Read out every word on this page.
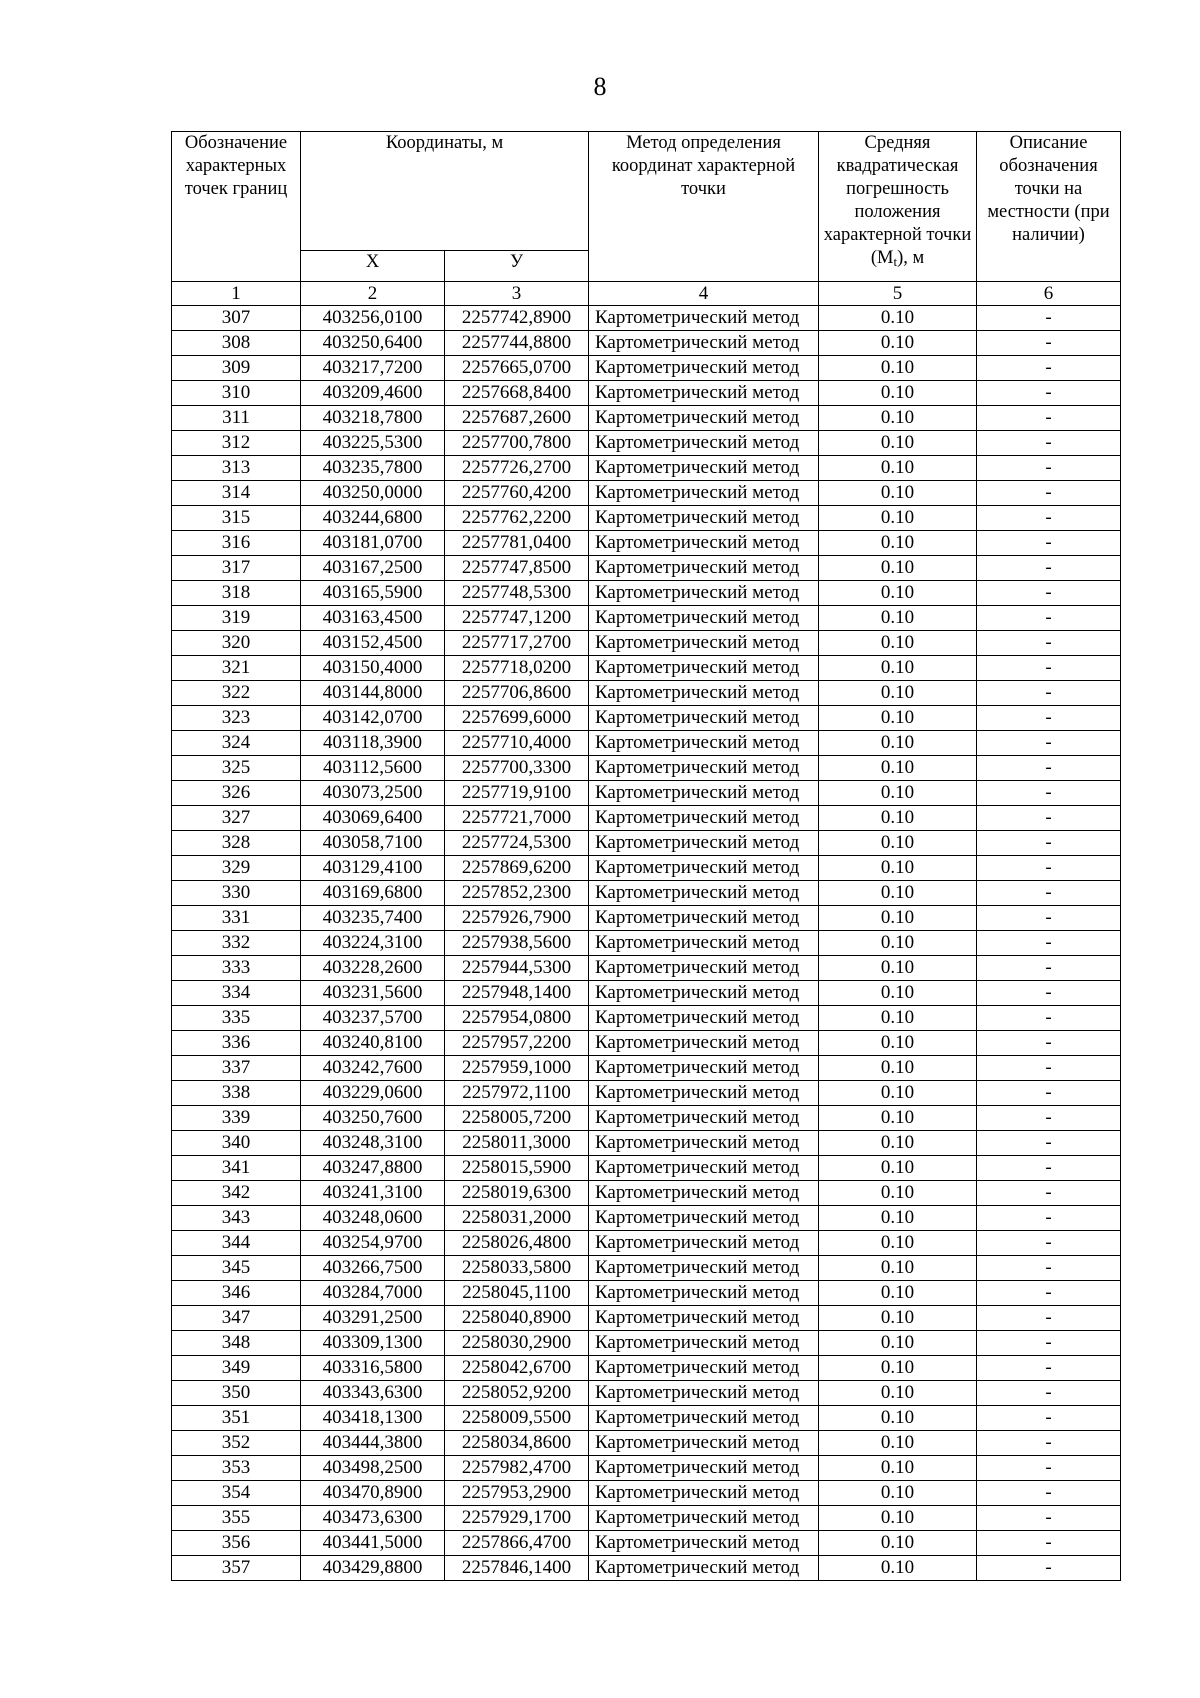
8
Обозначение характерных точек границ	Координаты, м		Метод определения координат характерной точки	Средняя квадратическая погрешность положения характерной точки $(M_t)$, м	Описание обозначения точки на местности (при наличии)
	Х	У			
1	2	3	4	5	6
307	403256,0100	2257742,8900	Картометрический метод	0.10	-
308	403250,6400	2257744,8800	Картометрический метод	0.10	-
309	403217,7200	2257665,0700	Картометрический метод	0.10	-
310	403209,4600	2257668,8400	Картометрический метод	0.10	-
311	403218,7800	2257687,2600	Картометрический метод	0.10	-
312	403225,5300	2257700,7800	Картометрический метод	0.10	-
313	403235,7800	2257726,2700	Картометрический метод	0.10	-
314	403250,0000	2257760,4200	Картометрический метод	0.10	-
315	403244,6800	2257762,2200	Картометрический метод	0.10	-
316	403181,0700	2257781,0400	Картометрический метод	0.10	-
317	403167,2500	2257747,8500	Картометрический метод	0.10	-
318	403165,5900	2257748,5300	Картометрический метод	0.10	-
319	403163,4500	2257747,1200	Картометрический метод	0.10	-
320	403152,4500	2257717,2700	Картометрический метод	0.10	-
321	403150,4000	2257718,0200	Картометрический метод	0.10	-
322	403144,8000	2257706,8600	Картометрический метод	0.10	-
323	403142,0700	2257699,6000	Картометрический метод	0.10	-
324	403118,3900	2257710,4000	Картометрический метод	0.10	-
325	403112,5600	2257700,3300	Картометрический метод	0.10	-
326	403073,2500	2257719,9100	Картометрический метод	0.10	-
327	403069,6400	2257721,7000	Картометрический метод	0.10	-
328	403058,7100	2257724,5300	Картометрический метод	0.10	-
329	403129,4100	2257869,6200	Картометрический метод	0.10	-
330	403169,6800	2257852,2300	Картометрический метод	0.10	-
331	403235,7400	2257926,7900	Картометрический метод	0.10	-
332	403224,3100	2257938,5600	Картометрический метод	0.10	-
333	403228,2600	2257944,5300	Картометрический метод	0.10	-
334	403231,5600	2257948,1400	Картометрический метод	0.10	-
335	403237,5700	2257954,0800	Картометрический метод	0.10	-
336	403240,8100	2257957,2200	Картометрический метод	0.10	-
337	403242,7600	2257959,1000	Картометрический метод	0.10	-
338	403229,0600	2257972,1100	Картометрический метод	0.10	-
339	403250,7600	2258005,7200	Картометрический метод	0.10	-
340	403248,3100	2258011,3000	Картометрический метод	0.10	-
341	403247,8800	2258015,5900	Картометрический метод	0.10	-
342	403241,3100	2258019,6300	Картометрический метод	0.10	-
343	403248,0600	2258031,2000	Картометрический метод	0.10	-
344	403254,9700	2258026,4800	Картометрический метод	0.10	-
345	403266,7500	2258033,5800	Картометрический метод	0.10	-
346	403284,7000	2258045,1100	Картометрический метод	0.10	-
347	403291,2500	2258040,8900	Картометрический метод	0.10	-
348	403309,1300	2258030,2900	Картометрический метод	0.10	-
349	403316,5800	2258042,6700	Картометрический метод	0.10	-
350	403343,6300	2258052,9200	Картометрический метод	0.10	-
351	403418,1300	2258009,5500	Картометрический метод	0.10	-
352	403444,3800	2258034,8600	Картометрический метод	0.10	-
353	403498,2500	2257982,4700	Картометрический метод	0.10	-
354	403470,8900	2257953,2900	Картометрический метод	0.10	-
355	403473,6300	2257929,1700	Картометрический метод	0.10	-
356	403441,5000	2257866,4700	Картометрический метод	0.10	-
357	403429,8800	2257846,1400	Картометрический метод	0.10	-
